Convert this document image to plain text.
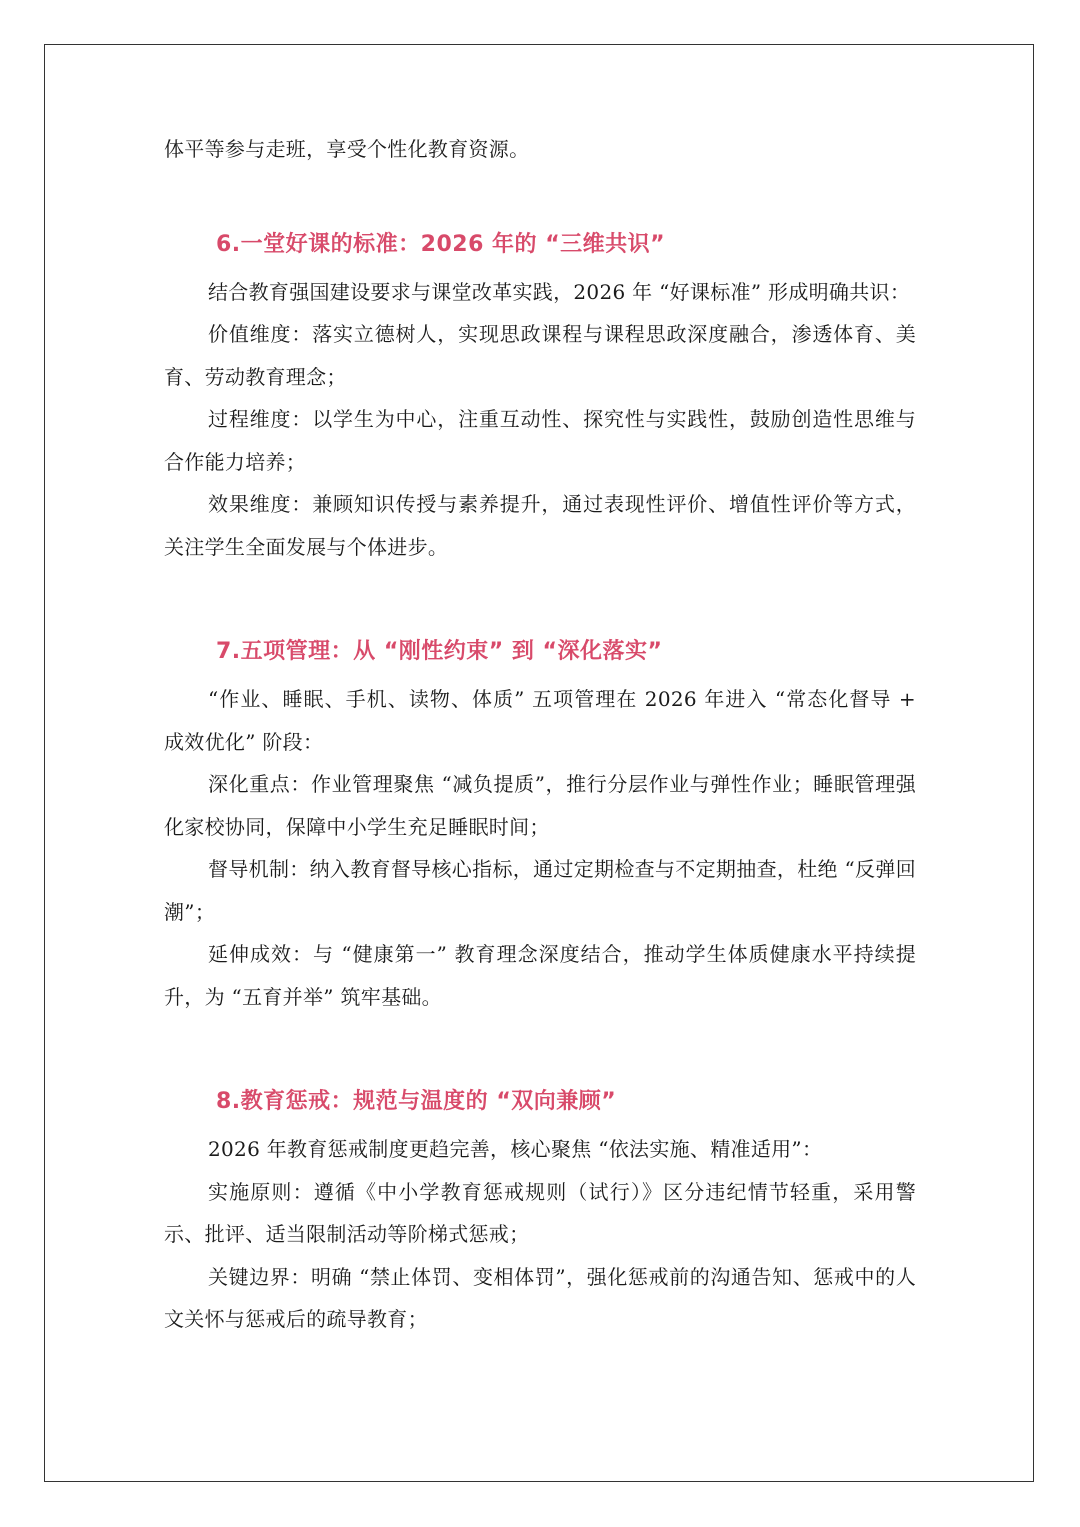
体平等参与走班，享受个性化教育资源。

6.一堂好课的标准：2026 年的 “三维共识”

结合教育强国建设要求与课堂改革实践，2026 年 “好课标准” 形成明确共识：

价值维度：落实立德树人，实现思政课程与课程思政深度融合，渗透体育、美育、劳动教育理念；

过程维度：以学生为中心，注重互动性、探究性与实践性，鼓励创造性思维与合作能力培养；

效果维度：兼顾知识传授与素养提升，通过表现性评价、增值性评价等方式，关注学生全面发展与个体进步。

7.五项管理：从 “刚性约束” 到 “深化落实”

“作业、睡眠、手机、读物、体质” 五项管理在 2026 年进入 “常态化督导 + 成效优化” 阶段：

深化重点：作业管理聚焦 “减负提质”，推行分层作业与弹性作业；睡眠管理强化家校协同，保障中小学生充足睡眠时间；

督导机制：纳入教育督导核心指标，通过定期检查与不定期抽查，杜绝 “反弹回潮”；

延伸成效：与 “健康第一” 教育理念深度结合，推动学生体质健康水平持续提升，为 “五育并举” 筑牢基础。

8.教育惩戒：规范与温度的 “双向兼顾”

2026 年教育惩戒制度更趋完善，核心聚焦 “依法实施、精准适用”：

实施原则：遵循《中小学教育惩戒规则（试行）》区分违纪情节轻重，采用警示、批评、适当限制活动等阶梯式惩戒；

关键边界：明确 “禁止体罚、变相体罚”，强化惩戒前的沟通告知、惩戒中的人文关怀与惩戒后的疏导教育；
